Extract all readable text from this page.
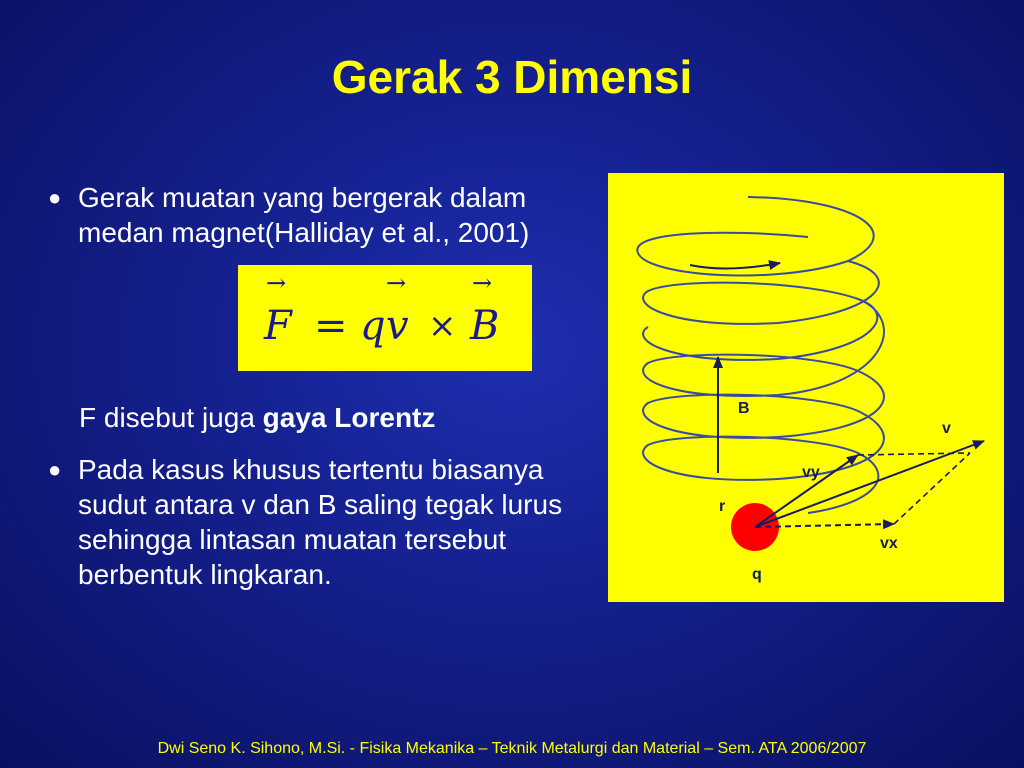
Gerak 3 Dimensi
● Gerak muatan yang bergerak dalam medan magnet(Halliday et al., 2001)
→
F = q
→
v ×
→
B
F disebut juga gaya Lorentz
● Pada kasus khusus tertentu biasanya sudut antara v dan B saling tegak lurus sehingga lintasan muatan tersebut berbentuk lingkaran.
B
v
vy
vx
r
q
Dwi Seno K. Sihono, M.Si. - Fisika Mekanika – Teknik Metalurgi dan Material – Sem. ATA 2006/2007
